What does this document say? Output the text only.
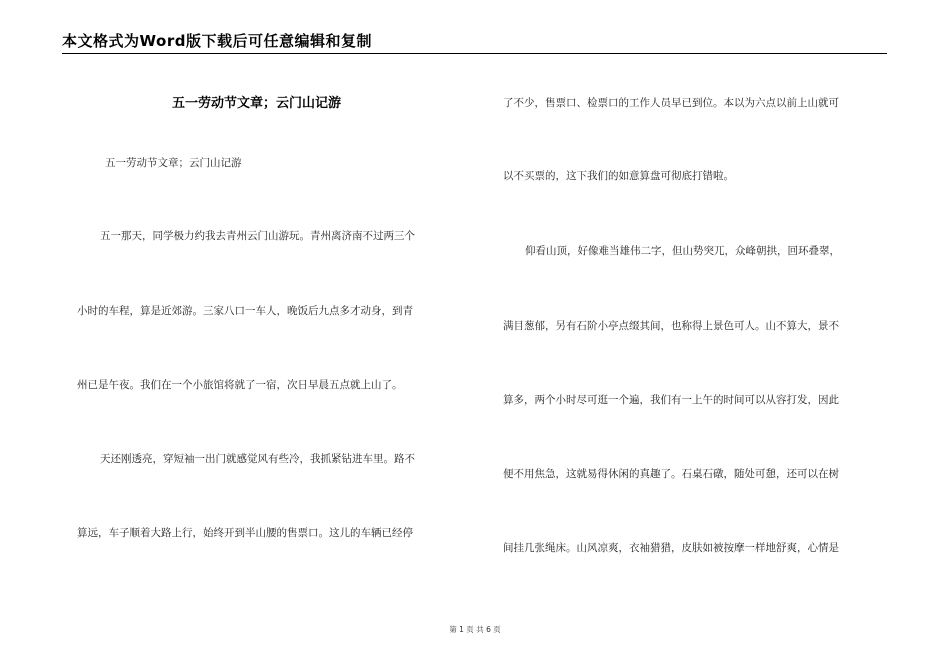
本文格式为Word版下载后可任意编辑和复制
五一劳动节文章；云门山记游
五一劳动节文章；云门山记游
五一那天，同学极力约我去青州云门山游玩。青州离济南不过两三个
小时的车程，算是近郊游。三家八口一车人，晚饭后九点多才动身，到青
州已是午夜。我们在一个小旅馆将就了一宿，次日早晨五点就上山了。
天还刚透亮，穿短袖一出门就感觉风有些冷，我抓紧钻进车里。路不
算远，车子顺着大路上行，始终开到半山腰的售票口。这儿的车辆已经停
了不少，售票口、检票口的工作人员早已到位。本以为六点以前上山就可
以不买票的，这下我们的如意算盘可彻底打错啦。
仰看山顶，好像难当雄伟二字，但山势突兀，众峰朝拱，回环叠翠，
满目葱郁，另有石阶小亭点缀其间，也称得上景色可人。山不算大，景不
算多，两个小时尽可逛一个遍，我们有一上午的时间可以从容打发，因此
便不用焦急，这就易得休闲的真趣了。石桌石礅，随处可憩，还可以在树
间挂几张绳床。山风凉爽，衣袖猎猎，皮肤如被按摩一样地舒爽，心情是
第 1 页 共 6 页
